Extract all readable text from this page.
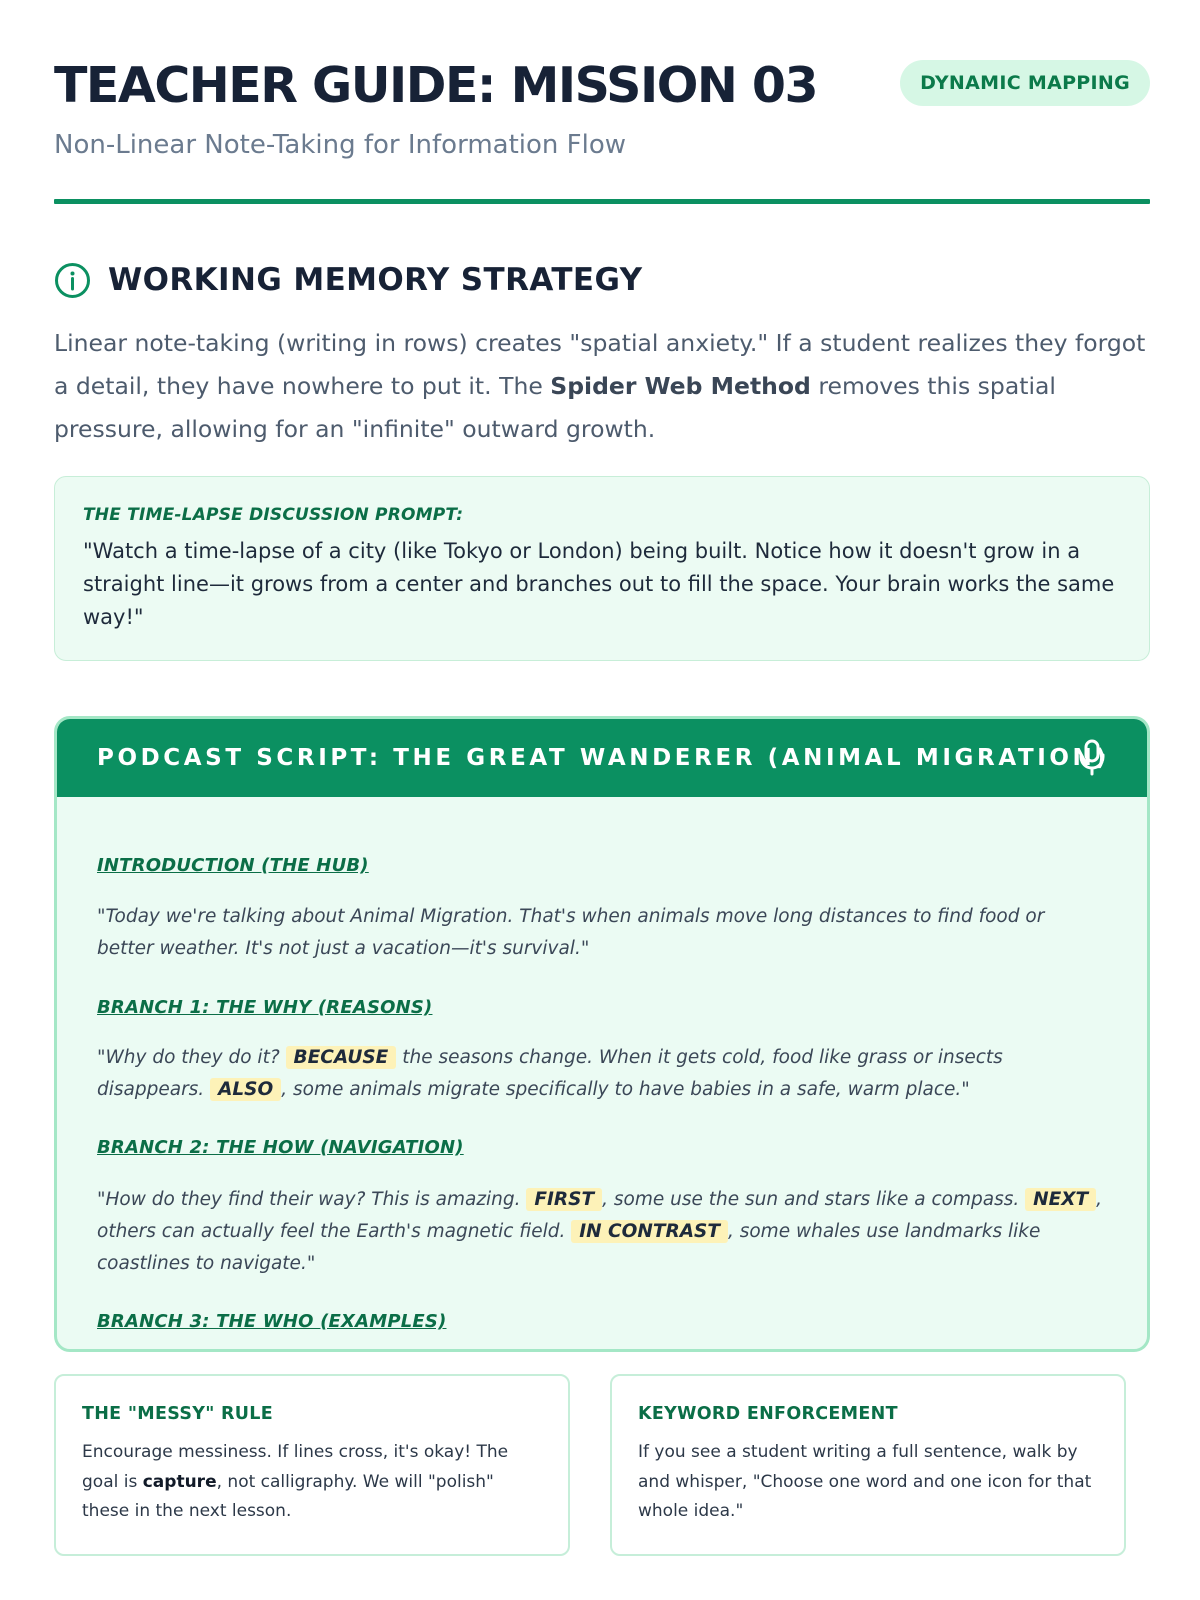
TEACHER GUIDE: MISSION 03	DYNAMIC MAPPING
Non-Linear Note-Taking for Information Flow
WORKING MEMORY STRATEGY

Linear note-taking (writing in rows) creates "spatial anxiety." If a student realizes they forgot a detail, they have nowhere to put it. The Spider Web Method removes this spatial pressure, allowing for an "infinite" outward growth.

THE TIME-LAPSE DISCUSSION PROMPT:
"Watch a time-lapse of a city (like Tokyo or London) being built. Notice how it doesn't grow in a straight line—it grows from a center and branches out to fill the space. Your brain works the same way!"
PODCAST SCRIPT: THE GREAT WANDERER (ANIMAL MIGRATION)
INTRODUCTION (THE HUB)
"Today we're talking about Animal Migration. That's when animals move long distances to find food or better weather. It's not just a vacation—it's survival."
BRANCH 1: THE WHY (REASONS)
"Why do they do it? BECAUSE the seasons change. When it gets cold, food like grass or insects disappears. ALSO , some animals migrate specifically to have babies in a safe, warm place."
BRANCH 2: THE HOW (NAVIGATION)
"How do they find their way? This is amazing. FIRST , some use the sun and stars like a compass. NEXT , others can actually feel the Earth's magnetic field. IN CONTRAST , some whales use landmarks like coastlines to navigate."
BRANCH 3: THE WHO (EXAMPLES)
THE "MESSY" RULE
Encourage messiness. If lines cross, it's okay! The goal is capture, not calligraphy. We will "polish" these in the next lesson.
KEYWORD ENFORCEMENT
If you see a student writing a full sentence, walk by and whisper, "Choose one word and one icon for that whole idea."
